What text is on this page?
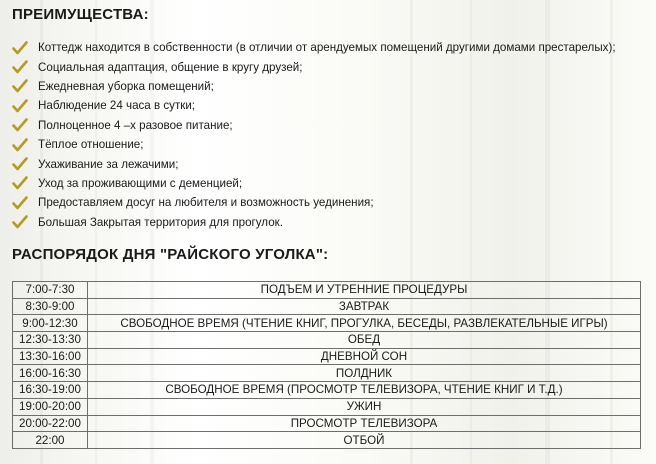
ПРЕИМУЩЕСТВА:
Коттедж находится в собственности (в отличии от арендуемых помещений другими домами престарелых);
Социальная адаптация, общение в кругу друзей;
Ежедневная уборка помещений;
Наблюдение 24 часа в сутки;
Полноценное 4 –х разовое питание;
Тёплое отношение;
Ухаживание за лежачими;
Уход за проживающими с деменцией;
Предоставляем досуг на любителя и возможность уединения;
Большая Закрытая территория для прогулок.
РАСПОРЯДОК ДНЯ "РАЙСКОГО УГОЛКА":
7:00-7:30	ПОДЪЕМ И УТРЕННИЕ ПРОЦЕДУРЫ
8:30-9:00	ЗАВТРАК
9:00-12:30	СВОБОДНОЕ ВРЕМЯ (ЧТЕНИЕ КНИГ, ПРОГУЛКА, БЕСЕДЫ, РАЗВЛЕКАТЕЛЬНЫЕ ИГРЫ)
12:30-13:30	ОБЕД
13:30-16:00	ДНЕВНОЙ СОН
16:00-16:30	ПОЛДНИК
16:30-19:00	СВОБОДНОЕ ВРЕМЯ (ПРОСМОТР ТЕЛЕВИЗОРА, ЧТЕНИЕ КНИГ И Т.Д.)
19:00-20:00	УЖИН
20:00-22:00	ПРОСМОТР ТЕЛЕВИЗОРА
22:00	ОТБОЙ
